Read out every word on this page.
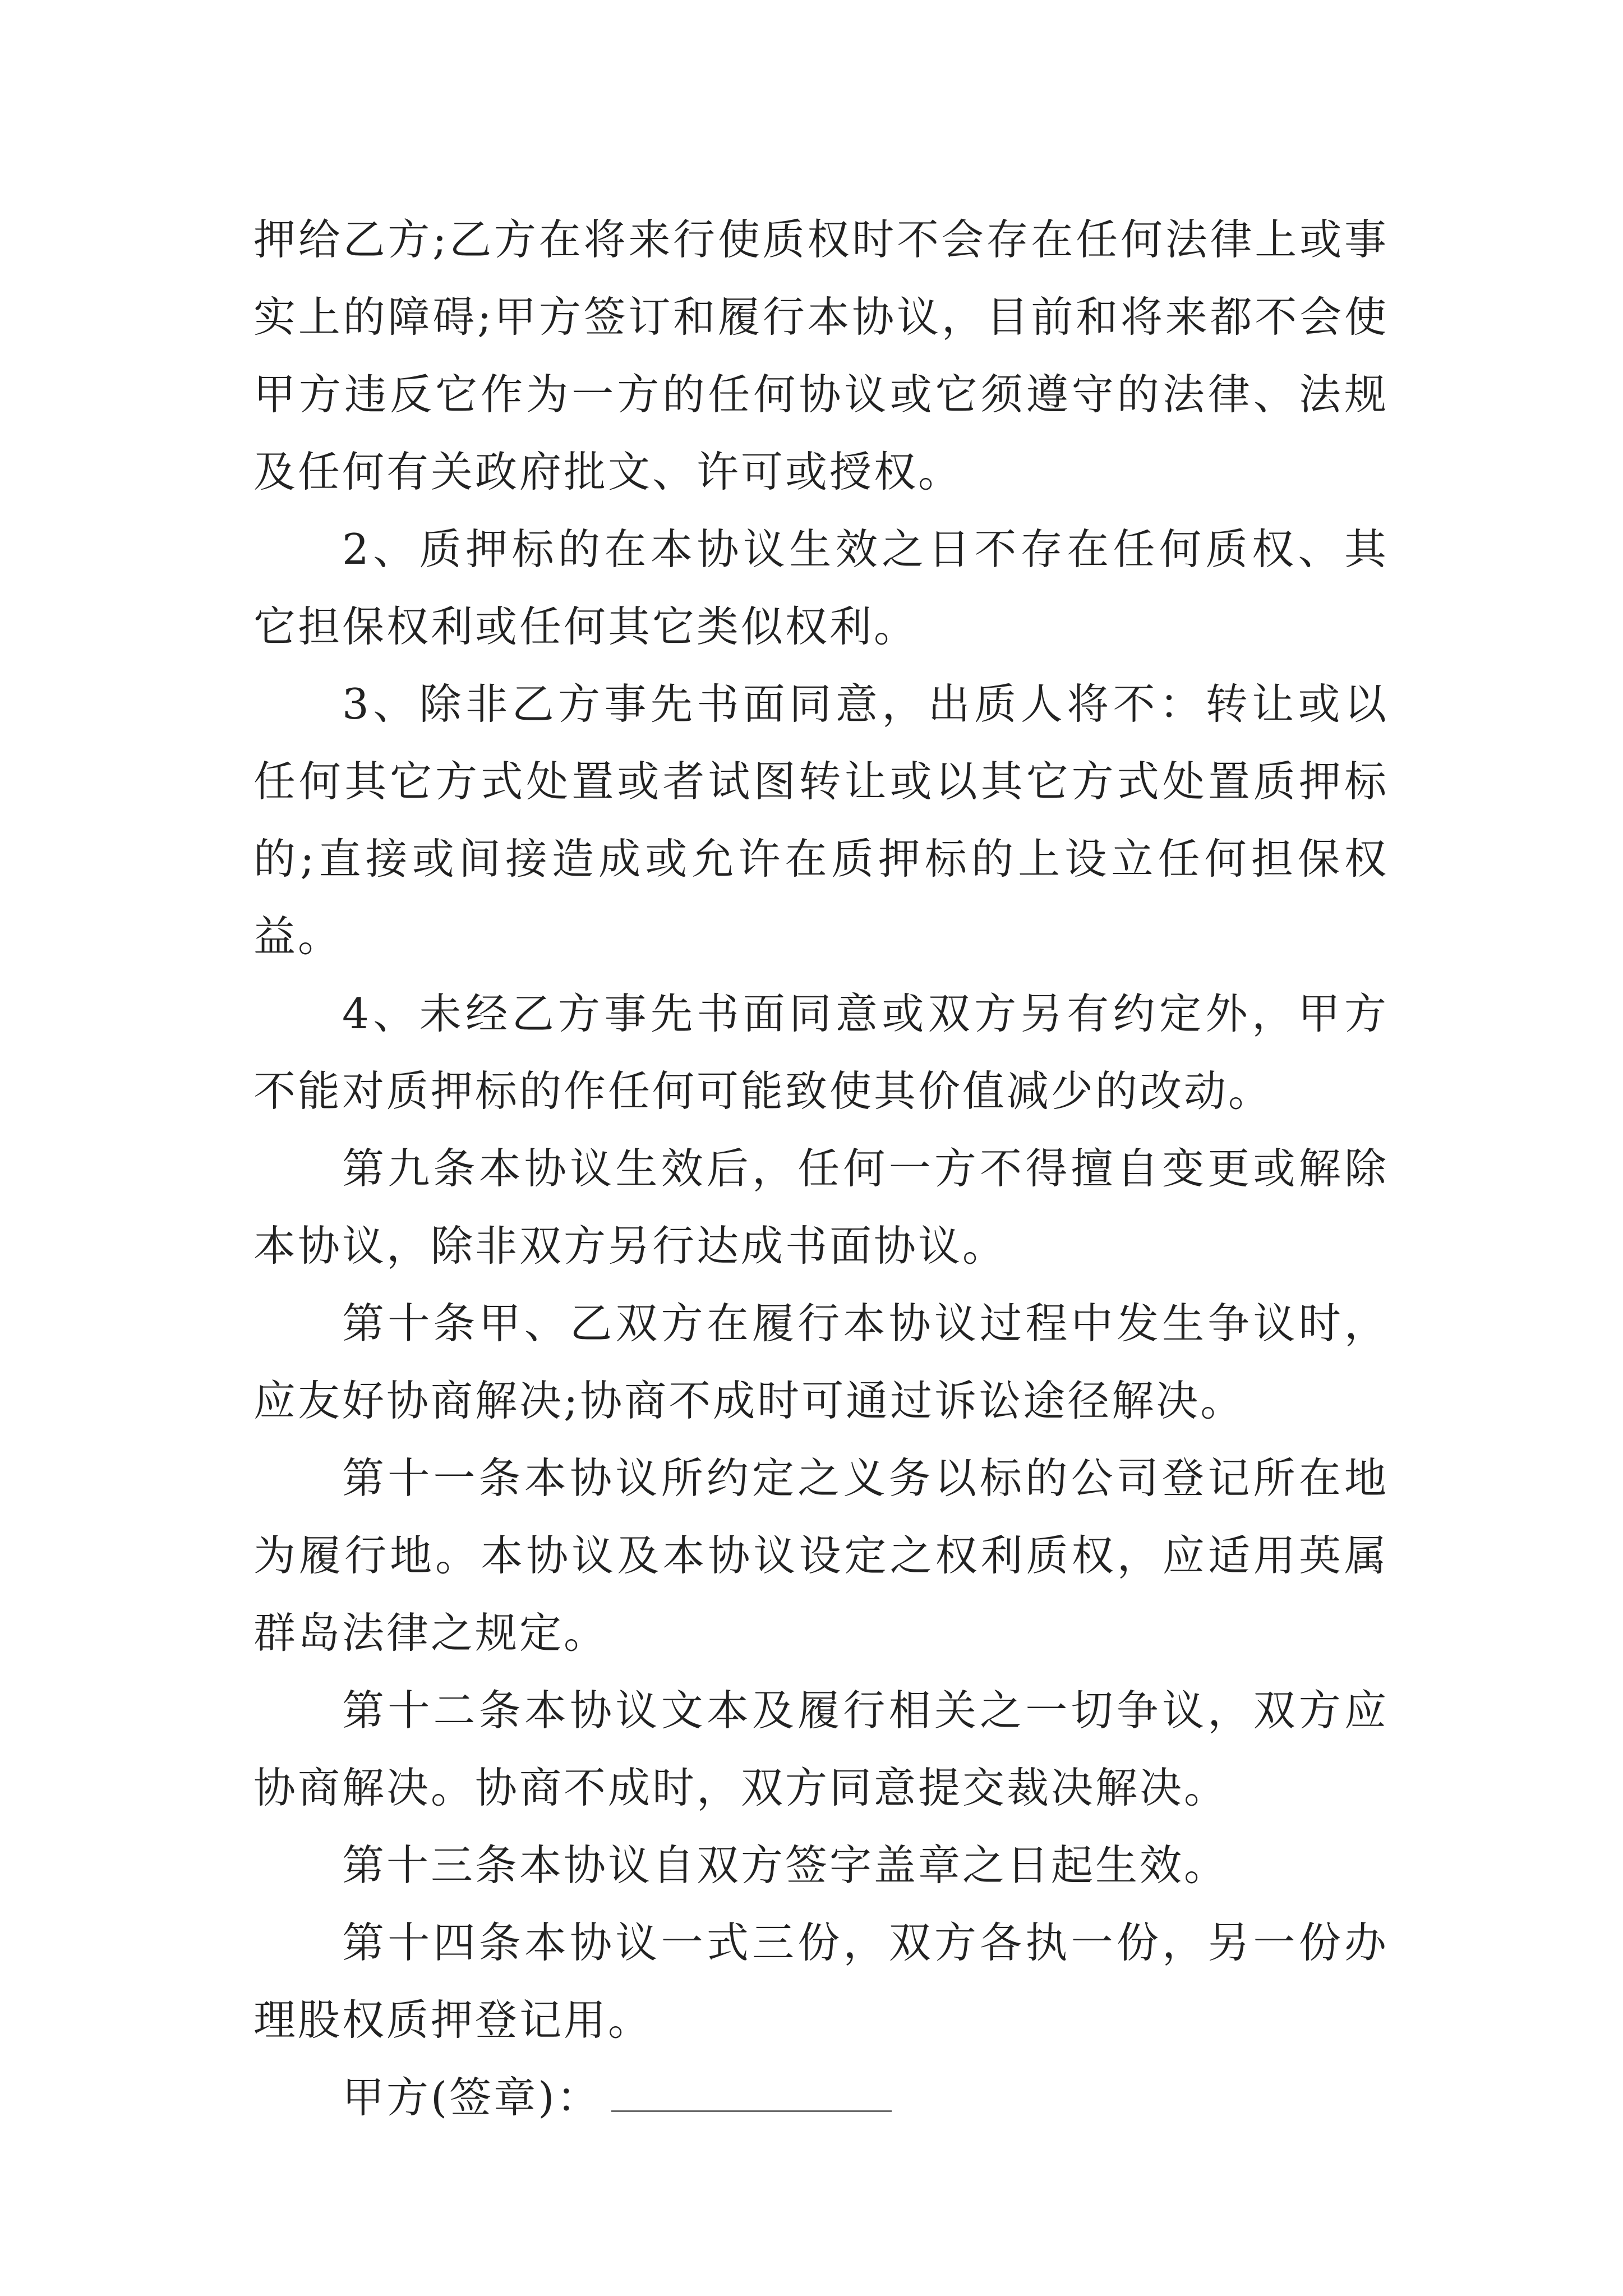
押给乙方;乙方在将来行使质权时不会存在任何法律上或事实上的障碍;甲方签订和履行本协议，目前和将来都不会使甲方违反它作为一方的任何协议或它须遵守的法律、法规及任何有关政府批文、许可或授权。

2、质押标的在本协议生效之日不存在任何质权、其它担保权利或任何其它类似权利。

3、除非乙方事先书面同意，出质人将不：转让或以任何其它方式处置或者试图转让或以其它方式处置质押标的;直接或间接造成或允许在质押标的上设立任何担保权益。

4、未经乙方事先书面同意或双方另有约定外，甲方不能对质押标的作任何可能致使其价值减少的改动。

第九条本协议生效后，任何一方不得擅自变更或解除本协议，除非双方另行达成书面协议。

第十条甲、乙双方在履行本协议过程中发生争议时，应友好协商解决;协商不成时可通过诉讼途径解决。

第十一条本协议所约定之义务以标的公司登记所在地为履行地。本协议及本协议设定之权利质权，应适用英属群岛法律之规定。

第十二条本协议文本及履行相关之一切争议，双方应协商解决。协商不成时，双方同意提交裁决解决。

第十三条本协议自双方签字盖章之日起生效。

第十四条本协议一式三份，双方各执一份，另一份办理股权质押登记用。

甲方(签章)：
